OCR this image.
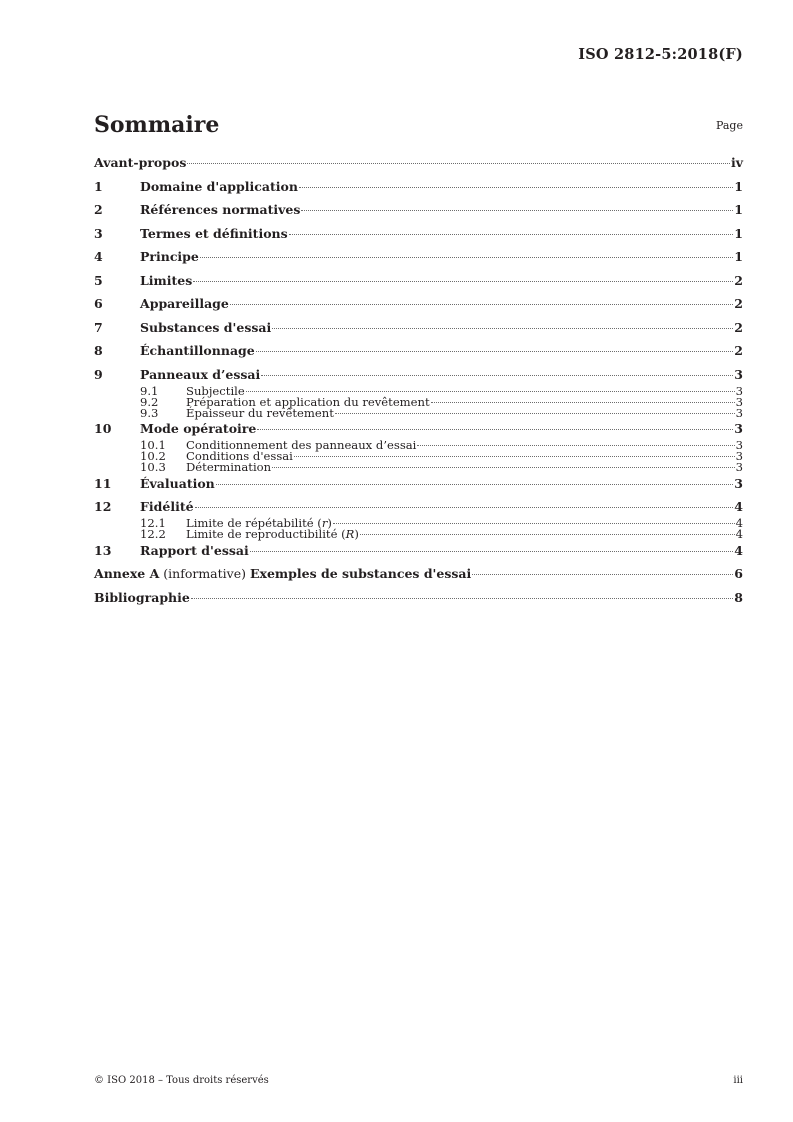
ISO 2812-5:2018(F)
Sommaire	Page
Avant-propos	iv
1	Domaine d'application	1
2	Références normatives	1
3	Termes et définitions	1
4	Principe	1
5	Limites	2
6	Appareillage	2
7	Substances d'essai	2
8	Échantillonnage	2
9	Panneaux d’essai	3
9.1	Subjectile	3
9.2	Préparation et application du revêtement	3
9.3	Épaisseur du revêtement	3
10	Mode opératoire	3
10.1	Conditionnement des panneaux d’essai	3
10.2	Conditions d'essai	3
10.3	Détermination	3
11	Évaluation	3
12	Fidélité	4
12.1	Limite de répétabilité (r)	4
12.2	Limite de reproductibilité (R)	4
13	Rapport d'essai	4
Annexe A (informative) Exemples de substances d'essai	6
Bibliographie	8
© ISO 2018 – Tous droits réservés	iii
